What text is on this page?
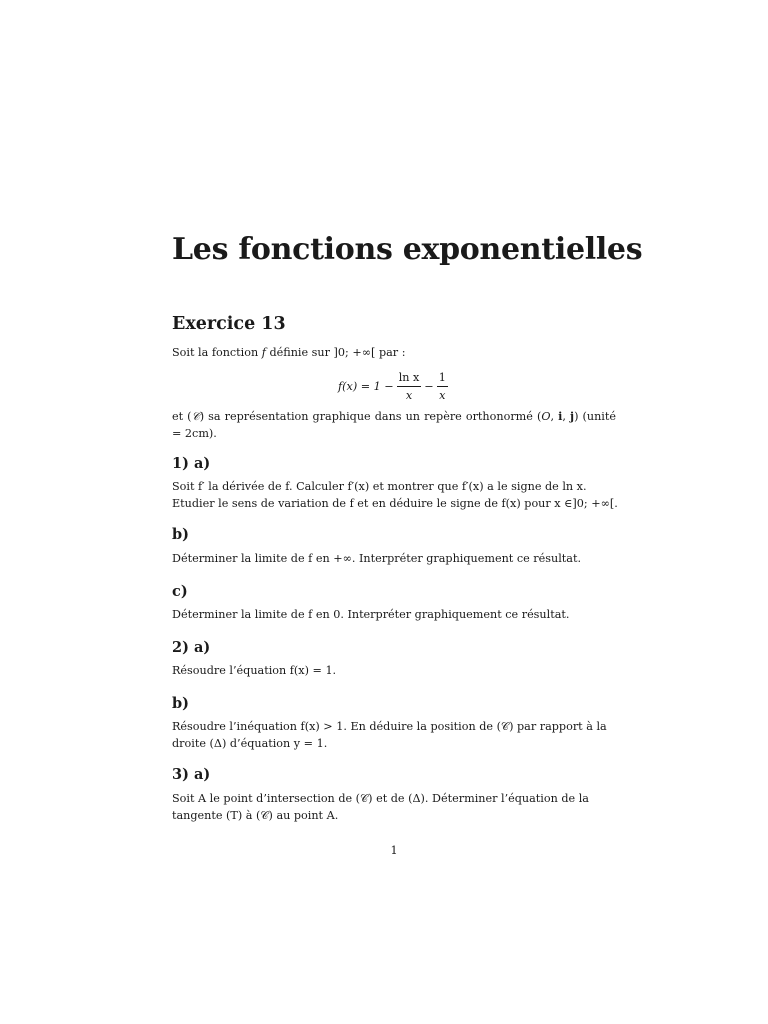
Les fonctions exponentielles
Exercice 13

Soit la fonction f définie sur ]0; +∞[ par :

$f(x) = 1 - \frac{\text{ln x}}{x} - \frac{1}{x}$

et (𝒞) sa représentation graphique dans un repère orthonormé (O, i, j) (unité = 2cm).

1) a)

Soit f′ la dérivée de f. Calculer f′(x) et montrer que f′(x) a le signe de ln x.

Etudier le sens de variation de f et en déduire le signe de f(x) pour x ∈]0; +∞[.

b)

Déterminer la limite de f en +∞. Interpréter graphiquement ce résultat.

c)

Déterminer la limite de f en 0. Interpréter graphiquement ce résultat.

2) a)

Résoudre l’équation f(x) = 1.

b)

Résoudre l’inéquation f(x) > 1. En déduire la position de (𝒞) par rapport à la

droite (Δ) d’équation y = 1.

3) a)

Soit A le point d’intersection de (𝒞) et de (Δ). Déterminer l’équation de la

tangente (T) à (𝒞) au point A.

1
